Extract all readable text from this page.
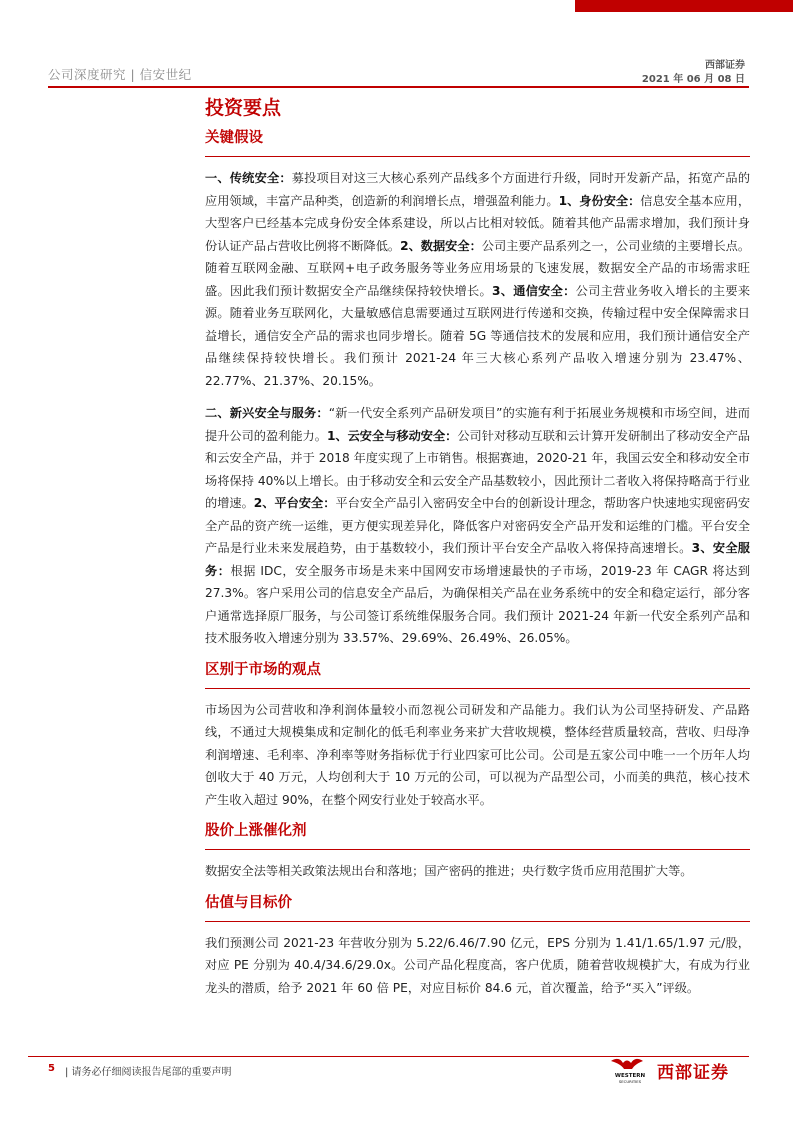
公司深度研究 | 信安世纪
西部证券
2021 年 06 月 08 日
投资要点
关键假设

一、传统安全：募投项目对这三大核心系列产品线多个方面进行升级，同时开发新产品，拓宽产品的应用领域，丰富产品种类，创造新的利润增长点，增强盈利能力。1、身份安全：信息安全基本应用，大型客户已经基本完成身份安全体系建设，所以占比相对较低。随着其他产品需求增加，我们预计身份认证产品占营收比例将不断降低。2、数据安全：公司主要产品系列之一，公司业绩的主要增长点。随着互联网金融、互联网+电子政务服务等业务应用场景的飞速发展，数据安全产品的市场需求旺盛。因此我们预计数据安全产品继续保持较快增长。3、通信安全：公司主营业务收入增长的主要来源。随着业务互联网化，大量敏感信息需要通过互联网进行传递和交换，传输过程中安全保障需求日益增长，通信安全产品的需求也同步增长。随着 5G 等通信技术的发展和应用，我们预计通信安全产品继续保持较快增长。我们预计 2021-24 年三大核心系列产品收入增速分别为 23.47%、22.77%、21.37%、20.15%。

二、新兴安全与服务：“新一代安全系列产品研发项目”的实施有利于拓展业务规模和市场空间，进而提升公司的盈利能力。1、云安全与移动安全：公司针对移动互联和云计算开发研制出了移动安全产品和云安全产品，并于 2018 年度实现了上市销售。根据赛迪，2020-21 年，我国云安全和移动安全市场将保持 40%以上增长。由于移动安全和云安全产品基数较小，因此预计二者收入将保持略高于行业的增速。2、平台安全：平台安全产品引入密码安全中台的创新设计理念，帮助客户快速地实现密码安全产品的资产统一运维，更方便实现差异化，降低客户对密码安全产品开发和运维的门槛。平台安全产品是行业未来发展趋势，由于基数较小，我们预计平台安全产品收入将保持高速增长。3、安全服务：根据 IDC，安全服务市场是未来中国网安市场增速最快的子市场，2019-23 年 CAGR 将达到 27.3%。客户采用公司的信息安全产品后，为确保相关产品在业务系统中的安全和稳定运行，部分客户通常选择原厂服务，与公司签订系统维保服务合同。我们预计 2021-24 年新一代安全系列产品和技术服务收入增速分别为 33.57%、29.69%、26.49%、26.05%。

区别于市场的观点

市场因为公司营收和净利润体量较小而忽视公司研发和产品能力。我们认为公司坚持研发、产品路线，不通过大规模集成和定制化的低毛利率业务来扩大营收规模，整体经营质量较高，营收、归母净利润增速、毛利率、净利率等财务指标优于行业四家可比公司。公司是五家公司中唯一一个历年人均创收大于 40 万元，人均创利大于 10 万元的公司，可以视为产品型公司，小而美的典范，核心技术产生收入超过 90%，在整个网安行业处于较高水平。

股价上涨催化剂

数据安全法等相关政策法规出台和落地；国产密码的推进；央行数字货币应用范围扩大等。

估值与目标价

我们预测公司 2021-23 年营收分别为 5.22/6.46/7.90 亿元，EPS 分别为 1.41/1.65/1.97 元/股，对应 PE 分别为 40.4/34.6/29.0x。公司产品化程度高，客户优质，随着营收规模扩大，有成为行业龙头的潜质，给予 2021 年 60 倍 PE，对应目标价 84.6 元，首次覆盖，给予“买入”评级。

5 | 请务必仔细阅读报告尾部的重要声明	WESTERN
SECURITIES 西部证券
